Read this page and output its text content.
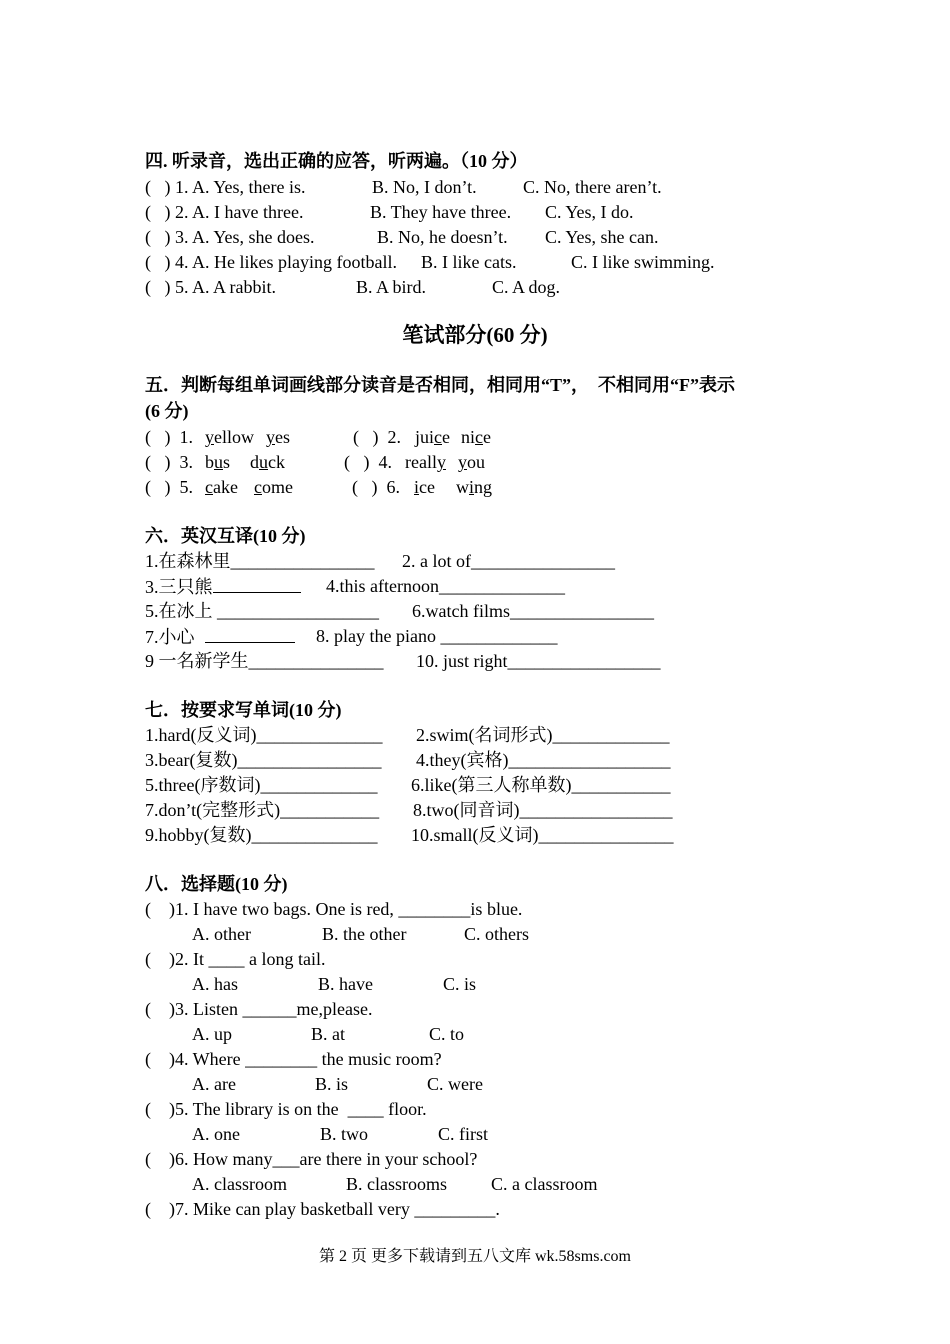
四. 听录音，选出正确的应答，听两遍。（10 分）
(   ) 1. A. Yes, there is.	B. No, I don’t.	C. No, there aren’t.
(   ) 2. A. I have three.	B. They have three. C. Yes, I do.
(   ) 3. A. Yes, she does.	B. No, he doesn’t. C. Yes, she can.
(   ) 4. A. He likes playing football. B. I like cats.	C. I like swimming.
(   ) 5. A. A rabbit.	B. A bird.	C. A dog.
笔试部分(60 分)
五．判断每组单词画线部分读音是否相同，相同用“T”，  不相同用“F”表示
(6 分)
(   )  1. yellow yes	(   )  2. juice nice
(   )  3. bus duck	(   )  4. really you
(   )  5. cake come	(   )  6. ice wing
六．英汉互译(10 分)
1.在森林里________________ 2. a lot of________________
3.三只熊	4.this afternoon______________
5.在冰上 __________________ 6.watch films________________
7.小心	8. play the piano _____________
9 一名新学生_______________ 10. just right_________________
七．按要求写单词(10 分)
1.hard(反义词)______________ 2.swim(名词形式)_____________
3.bear(复数)________________ 4.they(宾格)__________________
5.three(序数词)_____________ 6.like(第三人称单数)___________
7.don’t(完整形式)___________ 8.two(同音词)_________________
9.hobby(复数)______________ 10.small(反义词)_______________
八．选择题(10 分)
(    )1. I have two bags. One is red, ________is blue.
A. other	B. the other	C. others
(    )2. It ____ a long tail.
A. has	B. have	C. is
(    )3. Listen ______me,please.
A. up	B. at	C. to
(    )4. Where ________ the music room?
A. are	B. is	C. were
(    )5. The library is on the  ____ floor.
A. one	B. two	C. first
(    )6. How many___are there in your school?
A. classroom	B. classrooms C. a classroom
(    )7. Mike can play basketball very _________.
第 2 页 更多下载请到五八文库 wk.58sms.com
